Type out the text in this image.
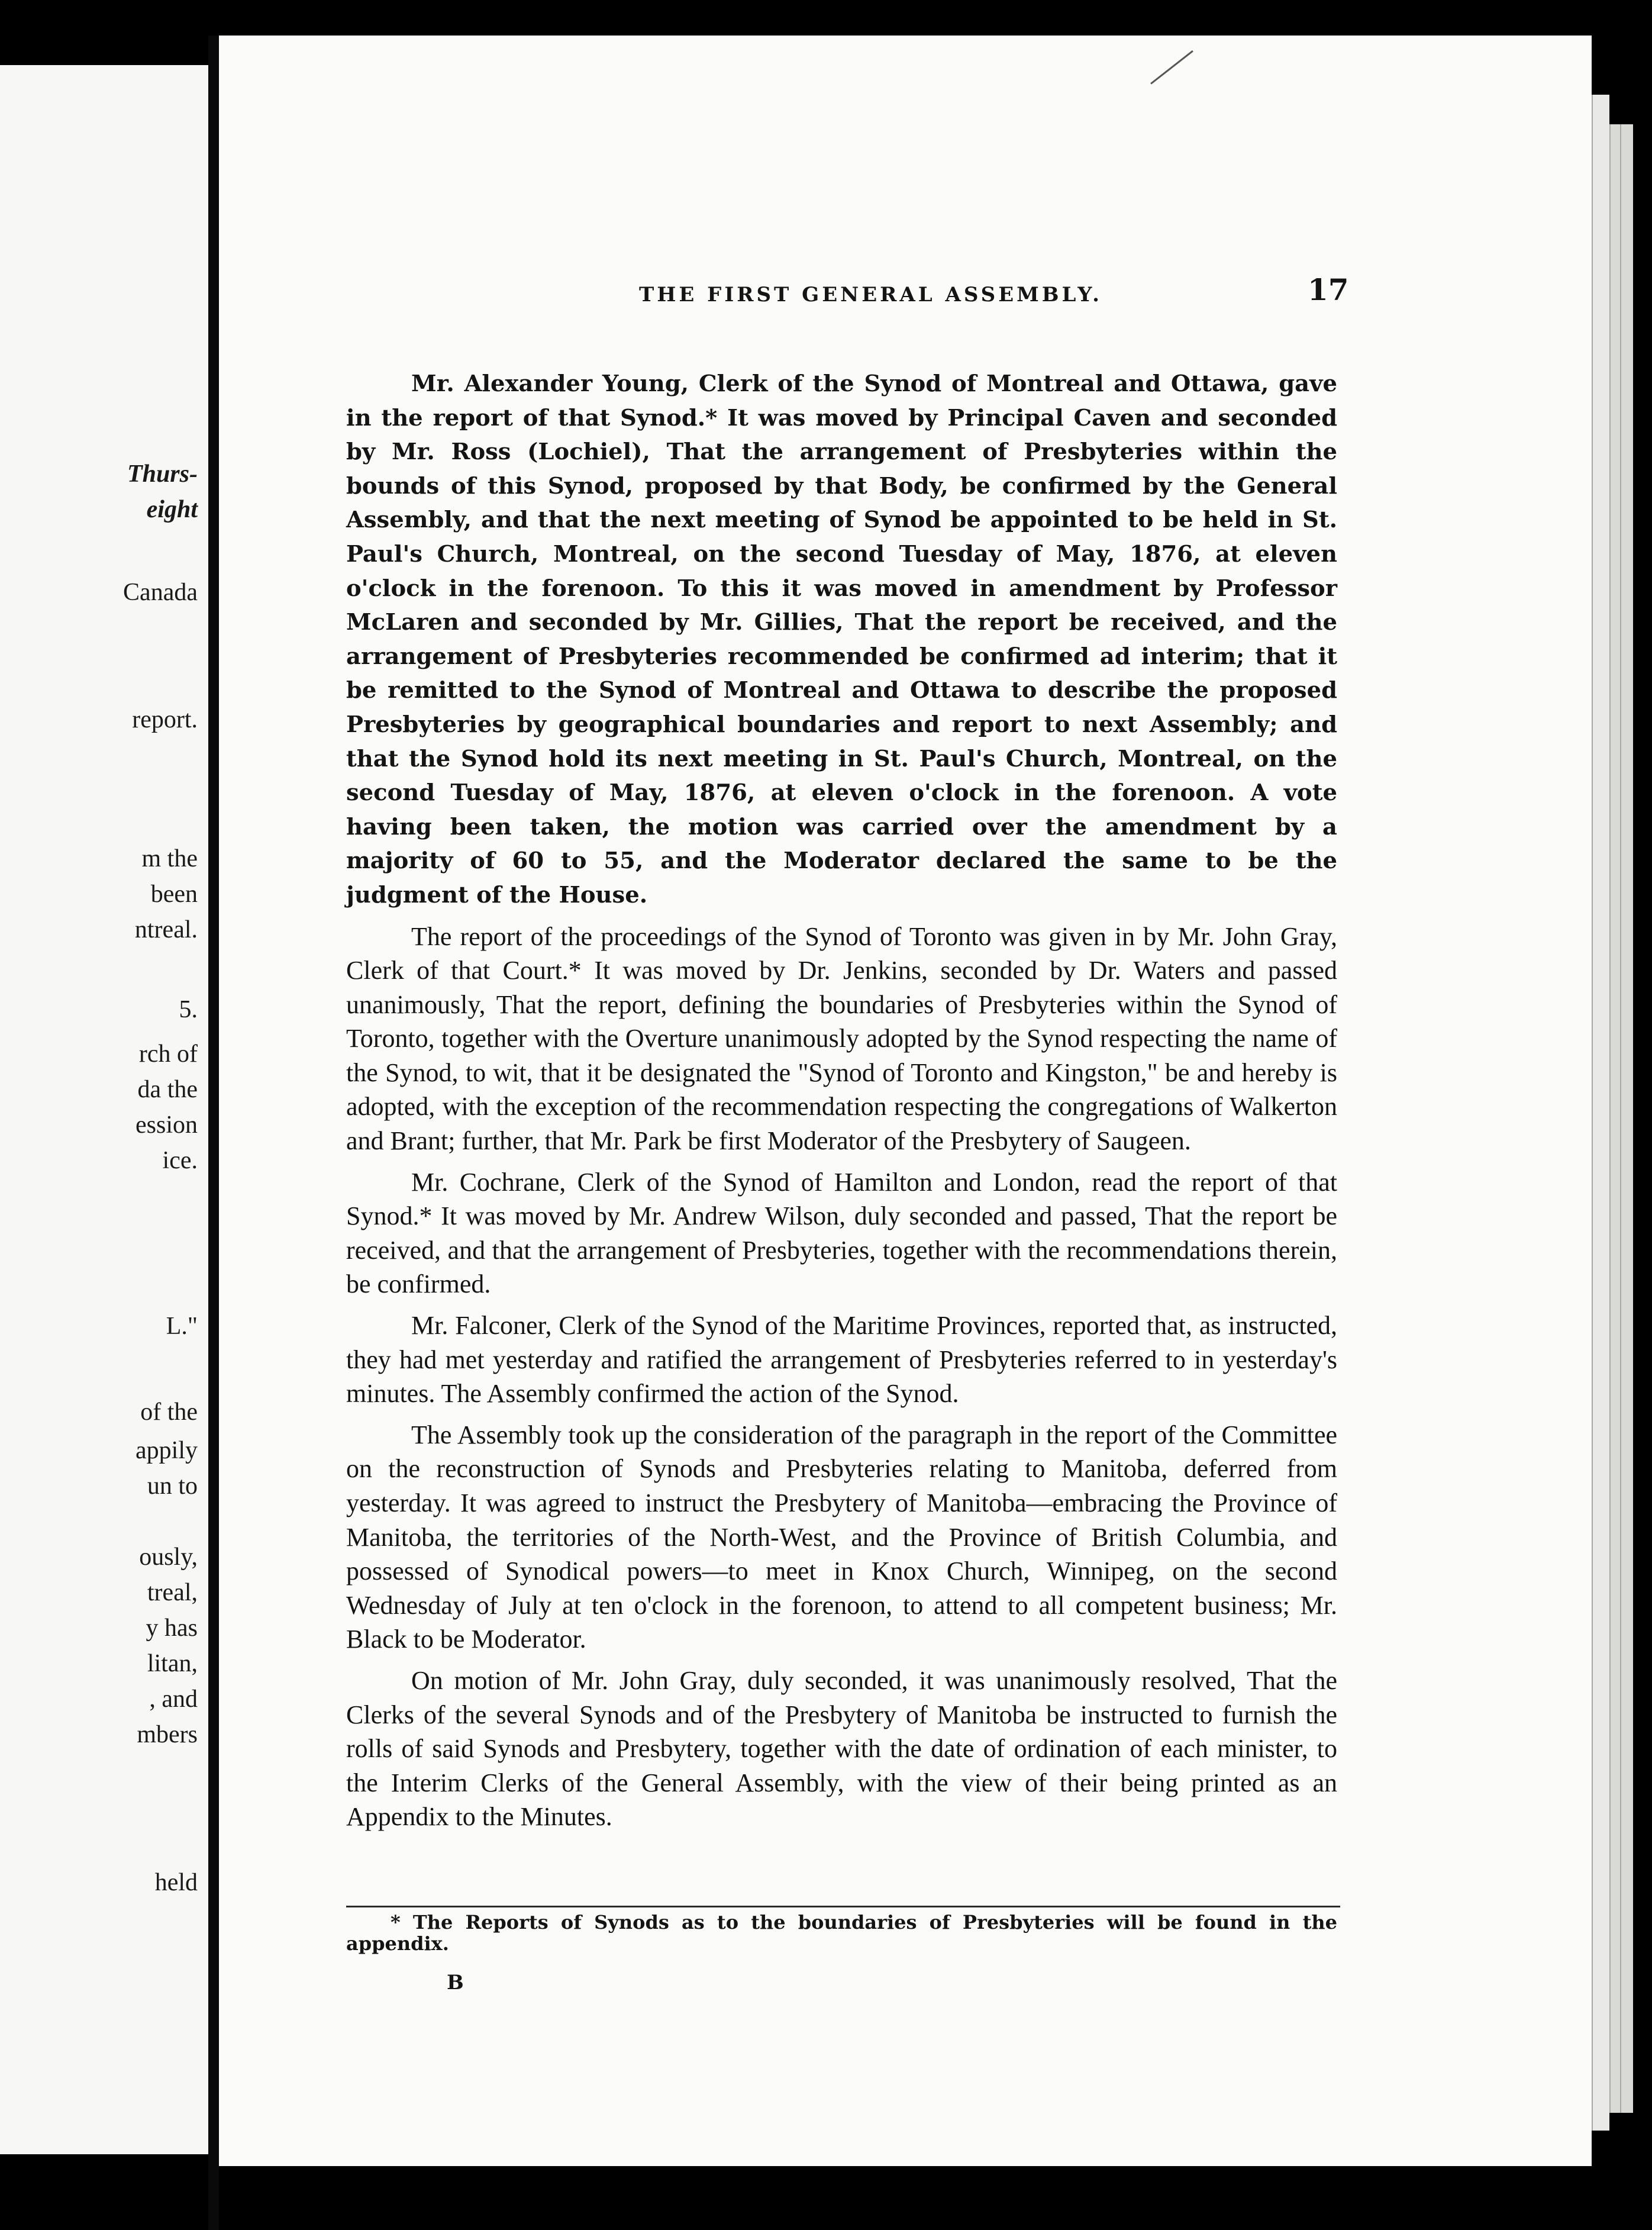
Thurs-
eight
Canada
report.
m the
been
ntreal.
5.
rch of
da the
ession
ice.
L."
of the
appily
un to
ously,
treal,
y has
litan,
, and
mbers
held
THE FIRST GENERAL ASSEMBLY.	17

Mr. Alexander Young, Clerk of the Synod of Montreal and Ottawa, gave in the report of that Synod.* It was moved by Principal Caven and seconded by Mr. Ross (Lochiel), That the arrangement of Presbyteries within the bounds of this Synod, proposed by that Body, be confirmed by the General Assembly, and that the next meeting of Synod be appointed to be held in St. Paul's Church, Montreal, on the second Tuesday of May, 1876, at eleven o'clock in the forenoon. To this it was moved in amendment by Professor McLaren and seconded by Mr. Gillies, That the report be received, and the arrangement of Presbyteries recommended be confirmed ad interim; that it be remitted to the Synod of Montreal and Ottawa to describe the proposed Presbyteries by geographical boundaries and report to next Assembly; and that the Synod hold its next meeting in St. Paul's Church, Montreal, on the second Tuesday of May, 1876, at eleven o'clock in the forenoon. A vote having been taken, the motion was carried over the amendment by a majority of 60 to 55, and the Moderator declared the same to be the judgment of the House.

The report of the proceedings of the Synod of Toronto was given in by Mr. John Gray, Clerk of that Court.* It was moved by Dr. Jenkins, seconded by Dr. Waters and passed unanimously, That the report, defining the boundaries of Presbyteries within the Synod of Toronto, together with the Overture unanimously adopted by the Synod respecting the name of the Synod, to wit, that it be designated the "Synod of Toronto and Kingston," be and hereby is adopted, with the exception of the recommendation respecting the congregations of Walkerton and Brant; further, that Mr. Park be first Moderator of the Presbytery of Saugeen.

Mr. Cochrane, Clerk of the Synod of Hamilton and London, read the report of that Synod.* It was moved by Mr. Andrew Wilson, duly seconded and passed, That the report be received, and that the arrangement of Presbyteries, together with the recommendations therein, be confirmed.

Mr. Falconer, Clerk of the Synod of the Maritime Provinces, reported that, as instructed, they had met yesterday and ratified the arrangement of Presbyteries referred to in yesterday's minutes. The Assembly confirmed the action of the Synod.

The Assembly took up the consideration of the paragraph in the report of the Committee on the reconstruction of Synods and Presbyteries relating to Manitoba, deferred from yesterday. It was agreed to instruct the Presbytery of Manitoba—embracing the Province of Manitoba, the territories of the North-West, and the Province of British Columbia, and possessed of Synodical powers—to meet in Knox Church, Winnipeg, on the second Wednesday of July at ten o'clock in the forenoon, to attend to all competent business; Mr. Black to be Moderator.

On motion of Mr. John Gray, duly seconded, it was unanimously resolved, That the Clerks of the several Synods and of the Presbytery of Manitoba be instructed to furnish the rolls of said Synods and Presbytery, together with the date of ordination of each minister, to the Interim Clerks of the General Assembly, with the view of their being printed as an Appendix to the Minutes.

* The Reports of Synods as to the boundaries of Presbyteries will be found in the appendix.
B
